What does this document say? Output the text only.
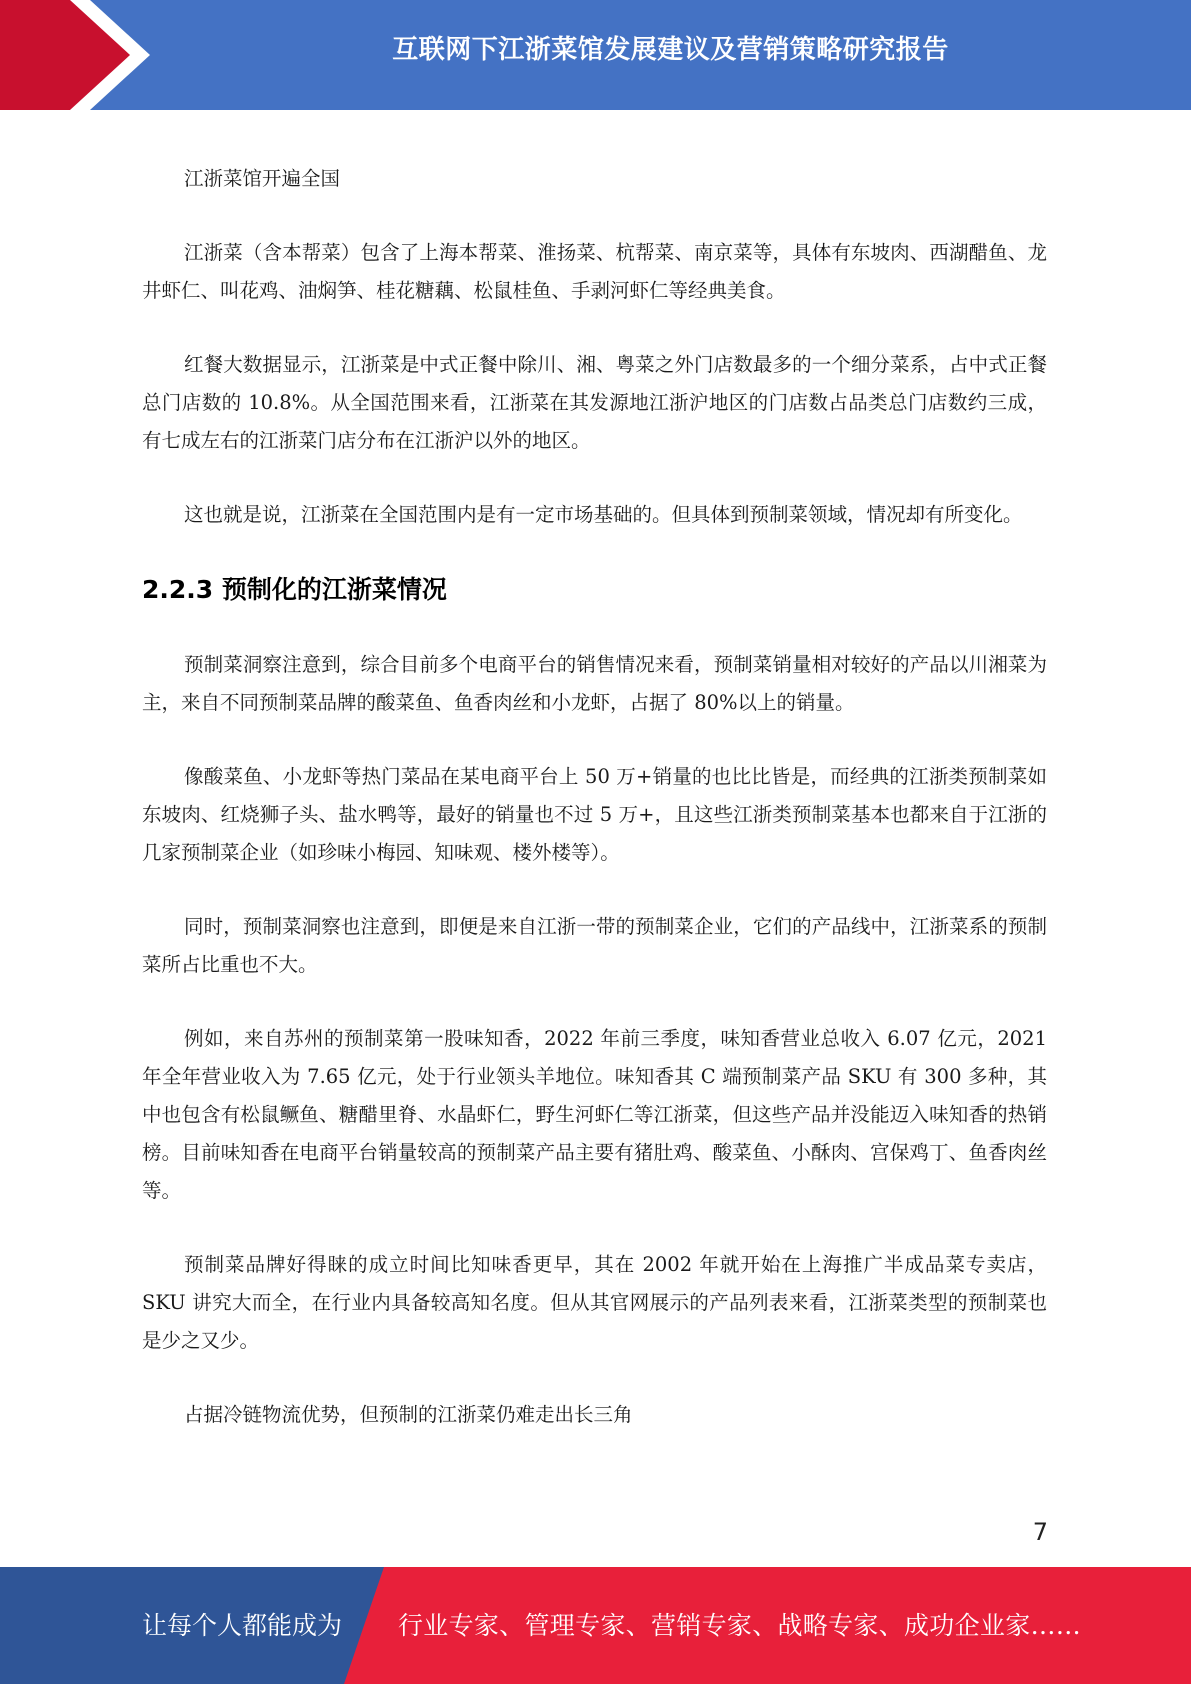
互联网下江浙菜馆发展建议及营销策略研究报告

江浙菜馆开遍全国

江浙菜（含本帮菜）包含了上海本帮菜、淮扬菜、杭帮菜、南京菜等，具体有东坡肉、西湖醋鱼、龙井虾仁、叫花鸡、油焖笋、桂花糖藕、松鼠桂鱼、手剥河虾仁等经典美食。

红餐大数据显示，江浙菜是中式正餐中除川、湘、粤菜之外门店数最多的一个细分菜系，占中式正餐总门店数的 10.8%。从全国范围来看，江浙菜在其发源地江浙沪地区的门店数占品类总门店数约三成，有七成左右的江浙菜门店分布在江浙沪以外的地区。

这也就是说，江浙菜在全国范围内是有一定市场基础的。但具体到预制菜领域，情况却有所变化。

2.2.3 预制化的江浙菜情况

预制菜洞察注意到，综合目前多个电商平台的销售情况来看，预制菜销量相对较好的产品以川湘菜为主，来自不同预制菜品牌的酸菜鱼、鱼香肉丝和小龙虾，占据了 80%以上的销量。

像酸菜鱼、小龙虾等热门菜品在某电商平台上 50 万+销量的也比比皆是，而经典的江浙类预制菜如东坡肉、红烧狮子头、盐水鸭等，最好的销量也不过 5 万+，且这些江浙类预制菜基本也都来自于江浙的几家预制菜企业（如珍味小梅园、知味观、楼外楼等）。

同时，预制菜洞察也注意到，即便是来自江浙一带的预制菜企业，它们的产品线中，江浙菜系的预制菜所占比重也不大。

例如，来自苏州的预制菜第一股味知香，2022 年前三季度，味知香营业总收入 6.07 亿元，2021 年全年营业收入为 7.65 亿元，处于行业领头羊地位。味知香其 C 端预制菜产品 SKU 有 300 多种，其中也包含有松鼠鳜鱼、糖醋里脊、水晶虾仁，野生河虾仁等江浙菜，但这些产品并没能迈入味知香的热销榜。目前味知香在电商平台销量较高的预制菜产品主要有猪肚鸡、酸菜鱼、小酥肉、宫保鸡丁、鱼香肉丝等。

预制菜品牌好得睐的成立时间比知味香更早，其在 2002 年就开始在上海推广半成品菜专卖店，SKU 讲究大而全，在行业内具备较高知名度。但从其官网展示的产品列表来看，江浙菜类型的预制菜也是少之又少。

占据冷链物流优势，但预制的江浙菜仍难走出长三角

7
让每个人都能成为 行业专家、管理专家、营销专家、战略专家、成功企业家……
